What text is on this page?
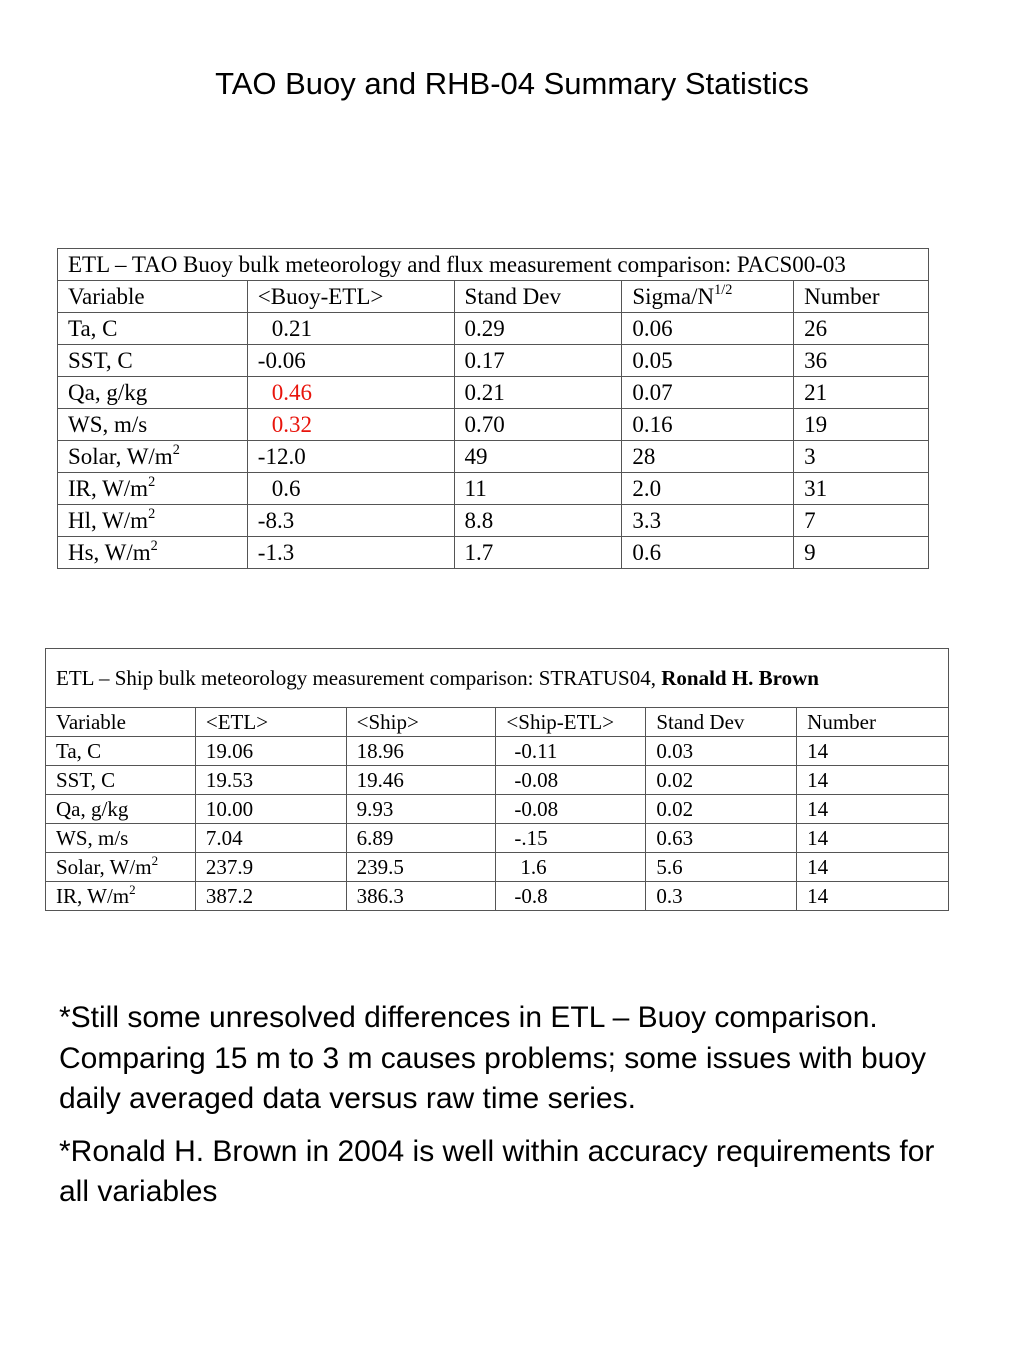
TAO Buoy and RHB-04 Summary Statistics
ETL – TAO Buoy bulk meteorology and flux measurement comparison: PACS00-03				
Variable	<Buoy-ETL>	Stand Dev	Sigma/$N^{1/2}$	Number
Ta, C	0.21	0.29	0.06	26
SST, C	-0.06	0.17	0.05	36
Qa, g/kg	0.46	0.21	0.07	21
WS, m/s	0.32	0.70	0.16	19
Solar, $W/m^2$	-12.0	49	28	3
IR, $W/m^2$	0.6	11	2.0	31
Hl, $W/m^2$	-8.3	8.8	3.3	7
Hs, $W/m^2$	-1.3	1.7	0.6	9
ETL – Ship bulk meteorology measurement comparison: STRATUS04, Ronald H. Brown					
Variable	<ETL>	<Ship>	<Ship-ETL>	Stand Dev	Number
Ta, C	19.06	18.96	-0.11	0.03	14
SST, C	19.53	19.46	-0.08	0.02	14
Qa, g/kg	10.00	9.93	-0.08	0.02	14
WS, m/s	7.04	6.89	-.15	0.63	14
Solar, $W/m^2$	237.9	239.5	1.6	5.6	14
IR, $W/m^2$	387.2	386.3	-0.8	0.3	14

*Still some unresolved differences in ETL – Buoy comparison. Comparing 15 m to 3 m causes problems; some issues with buoy daily averaged data versus raw time series.

*Ronald H. Brown in 2004 is well within accuracy requirements for all variables
